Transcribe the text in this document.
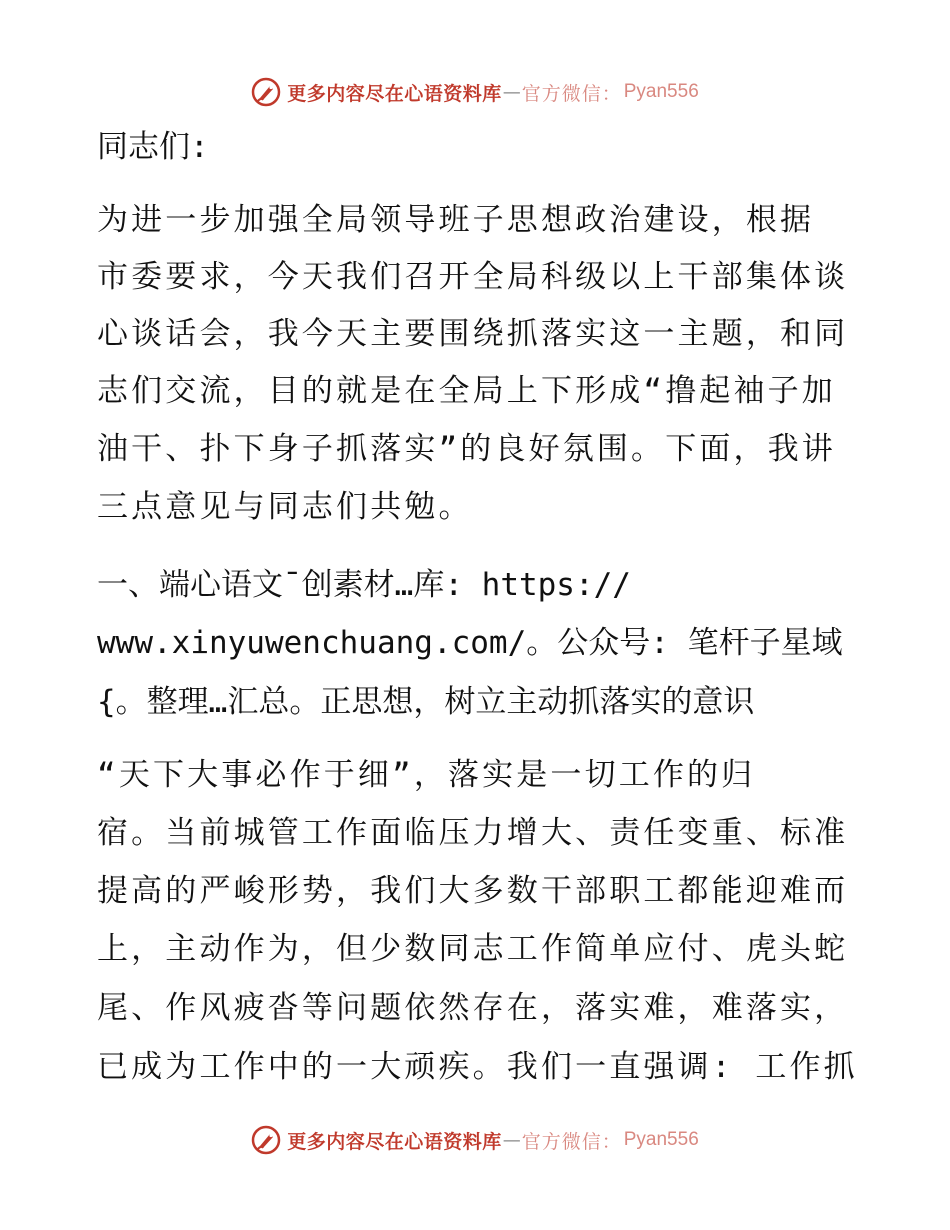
更多内容尽在心语资料库 — 官方微信： Pyan556
同志们:
为进一步加强全局领导班子思想政治建设，根据
市委要求，今天我们召开全局科级以上干部集体谈
心谈话会，我今天主要围绕抓落实这一主题，和同
志们交流，目的就是在全局上下形成“撸起袖子加
油干、扑下身子抓落实”的良好氛围。下面，我讲
三点意见与同志们共勉。
一、端心语文¯创素材…库: https://
www.xinyuwenchuang.com/。公众号: 笔杆子星域
{。整理…汇总。正思想，树立主动抓落实的意识
“天下大事必作于细”，落实是一切工作的归
宿。当前城管工作面临压力增大、责任变重、标准
提高的严峻形势，我们大多数干部职工都能迎难而
上，主动作为，但少数同志工作简单应付、虎头蛇
尾、作风疲沓等问题依然存在，落实难，难落实，
已成为工作中的一大顽疾。我们一直强调: 工作抓
更多内容尽在心语资料库 — 官方微信： Pyan556
